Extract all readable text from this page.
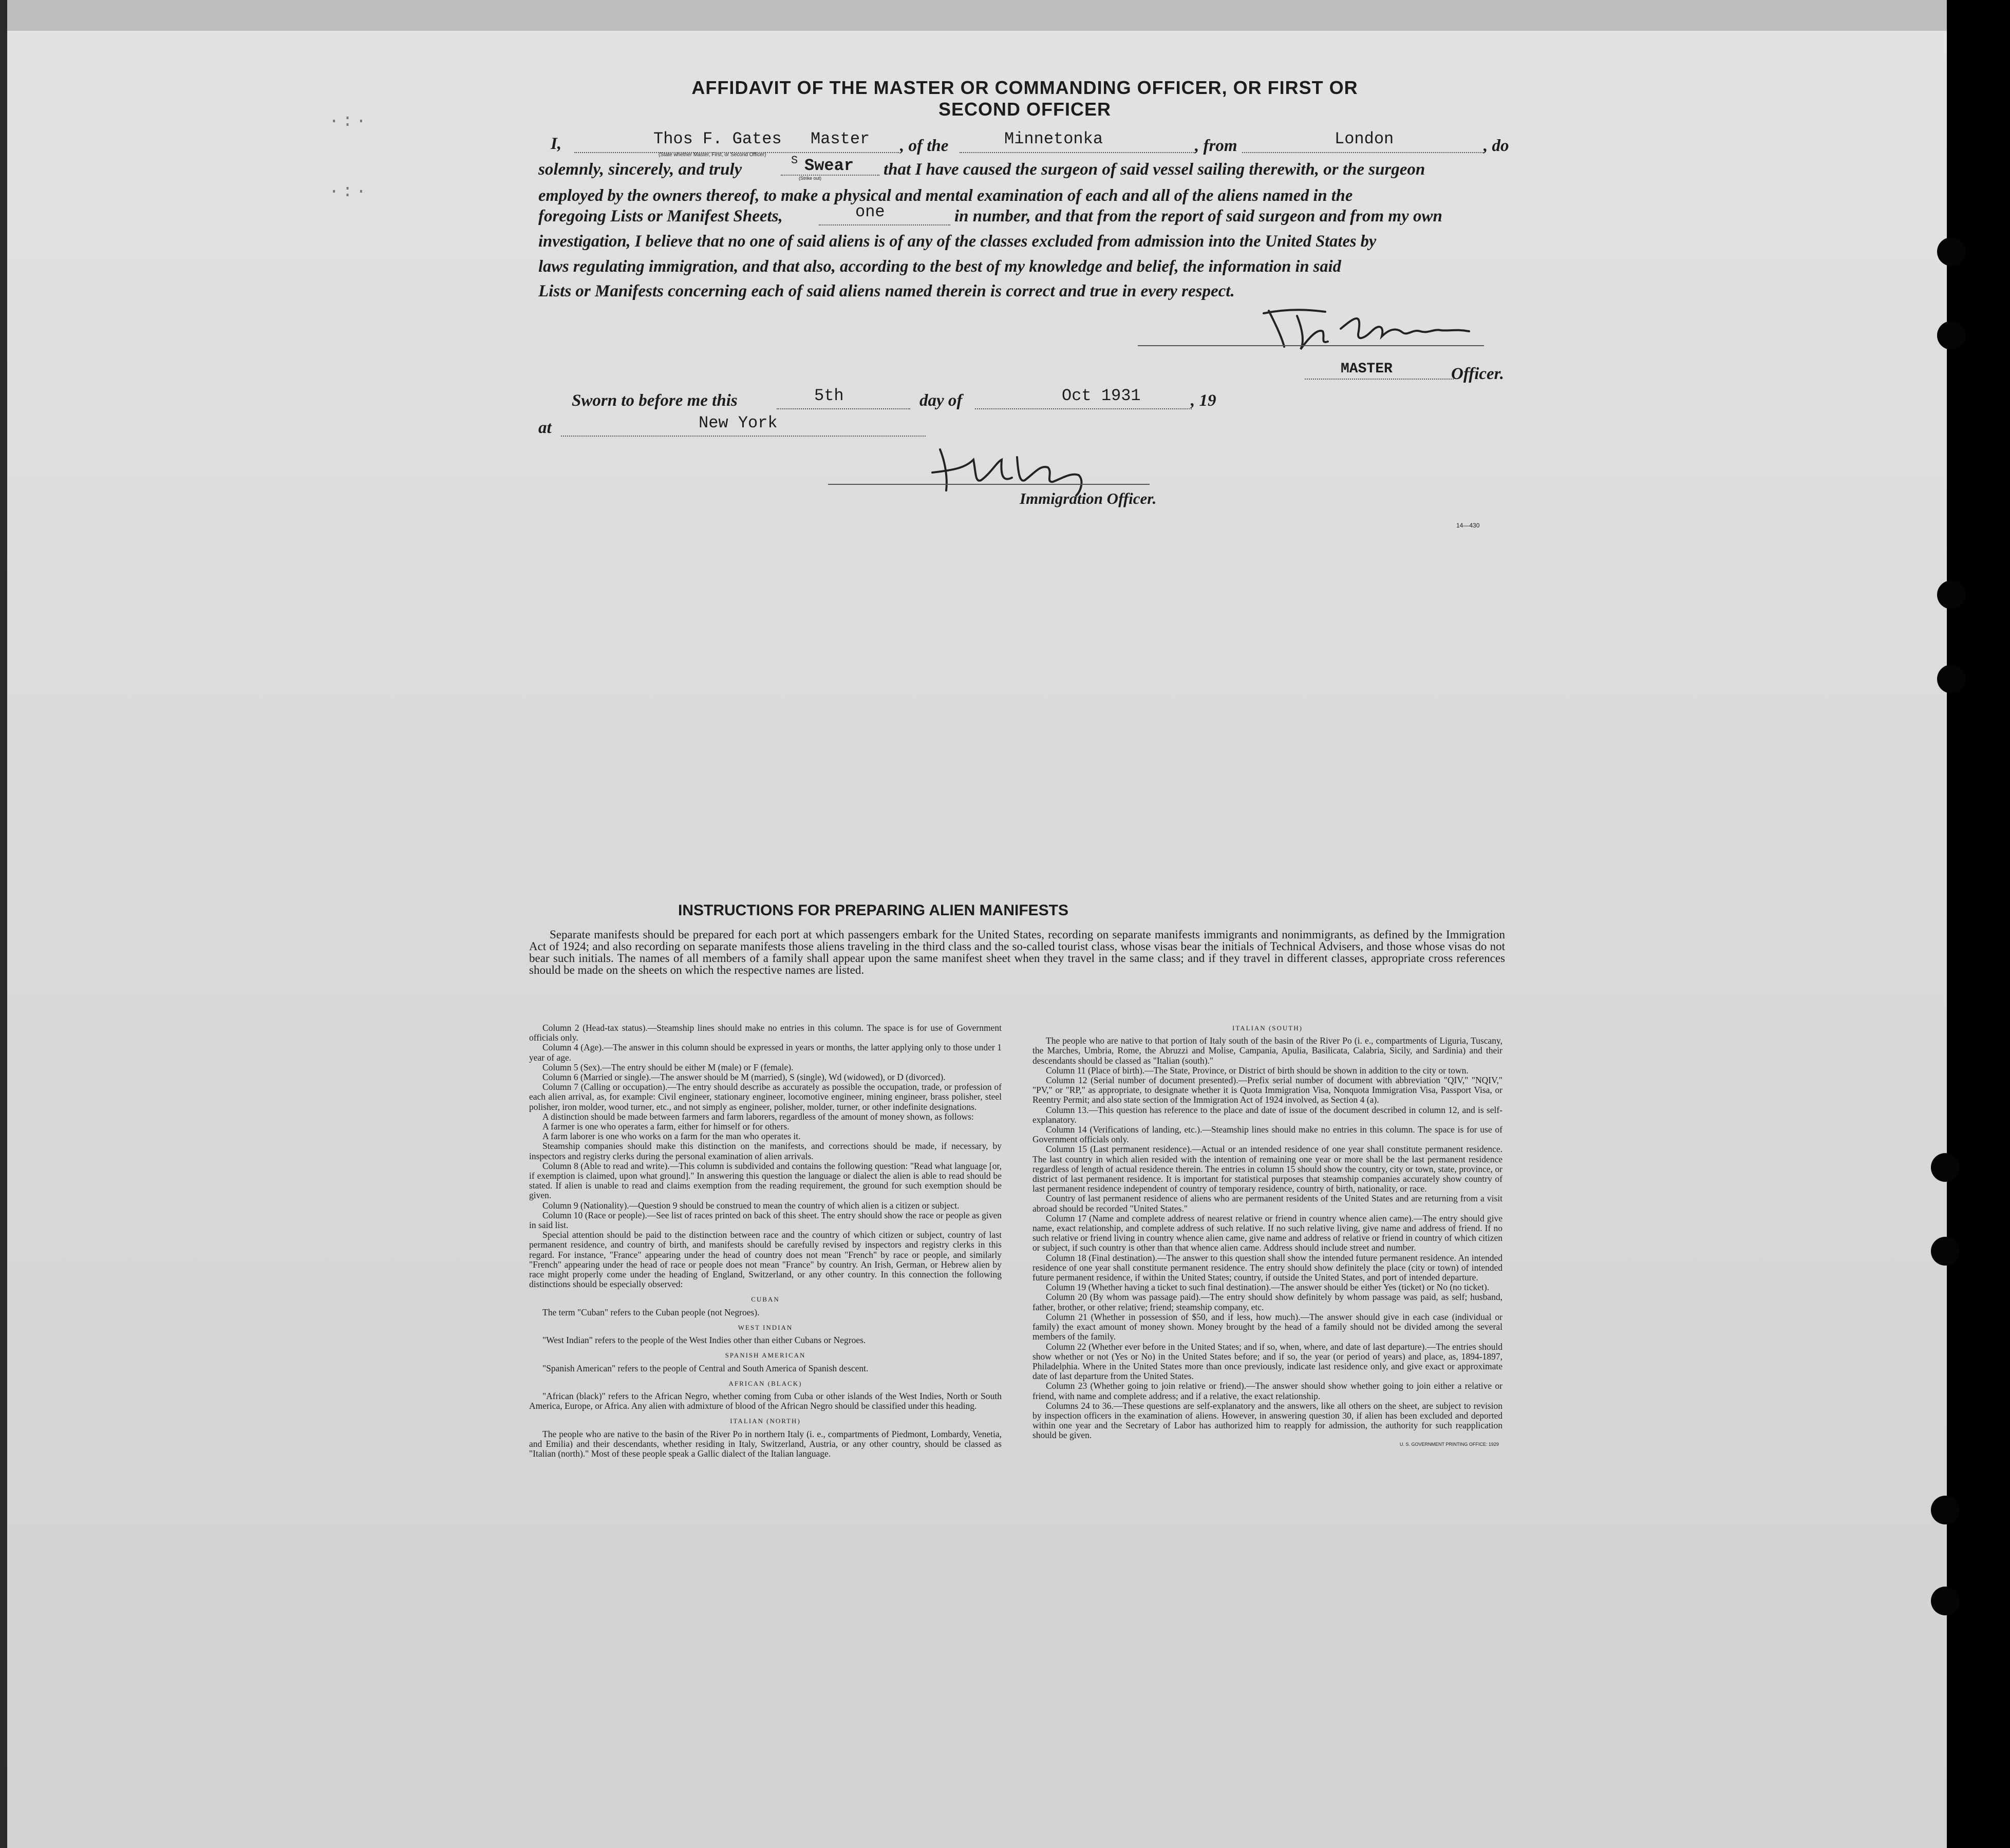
·:·
·:·
AFFIDAVIT OF THE MASTER OR COMMANDING OFFICER, OR FIRST OR SECOND OFFICER
I,	Thos F. Gates Master
(State whether Master, First, or Second Officer)	, of the	Minnetonka	, from	London	, do
solemnly, sincerely, and truly	S Swear
(Strike out)	that I have caused the surgeon of said vessel sailing therewith, or the surgeon
employed by the owners thereof, to make a physical and mental examination of each and all of the aliens named in the
foregoing Lists or Manifest Sheets,	one	in number, and that from the report of said surgeon and from my own
investigation, I believe that no one of said aliens is of any of the classes excluded from admission into the United States by
laws regulating immigration, and that also, according to the best of my knowledge and belief, the information in said
Lists or Manifests concerning each of said aliens named therein is correct and true in every respect.
MASTER	Officer.
Sworn to before me this	5th	day of	Oct 1931	, 19
at	New York
Immigration Officer.
14—430
INSTRUCTIONS FOR PREPARING ALIEN MANIFESTS
Separate manifests should be prepared for each port at which passengers embark for the United States, recording on separate manifests immigrants and nonimmigrants, as defined by the Immigration Act of 1924; and also recording on separate manifests those aliens traveling in the third class and the so-called tourist class, whose visas bear the initials of Technical Advisers, and those whose visas do not bear such initials. The names of all members of a family shall appear upon the same manifest sheet when they travel in the same class; and if they travel in different classes, appropriate cross references should be made on the sheets on which the respective names are listed.

Column 2 (Head-tax status).—Steamship lines should make no entries in this column. The space is for use of Government officials only.

Column 4 (Age).—The answer in this column should be expressed in years or months, the latter applying only to those under 1 year of age.

Column 5 (Sex).—The entry should be either M (male) or F (female).

Column 6 (Married or single).—The answer should be M (married), S (single), Wd (widowed), or D (divorced).

Column 7 (Calling or occupation).—The entry should describe as accurately as possible the occupation, trade, or profession of each alien arrival, as, for example: Civil engineer, stationary engineer, locomotive engineer, mining engineer, brass polisher, steel polisher, iron molder, wood turner, etc., and not simply as engineer, polisher, molder, turner, or other indefinite designations.

A distinction should be made between farmers and farm laborers, regardless of the amount of money shown, as follows:

A farmer is one who operates a farm, either for himself or for others.

A farm laborer is one who works on a farm for the man who operates it.

Steamship companies should make this distinction on the manifests, and corrections should be made, if necessary, by inspectors and registry clerks during the personal examination of alien arrivals.

Column 8 (Able to read and write).—This column is subdivided and contains the following question: "Read what language [or, if exemption is claimed, upon what ground]." In answering this question the language or dialect the alien is able to read should be stated. If alien is unable to read and claims exemption from the reading requirement, the ground for such exemption should be given.

Column 9 (Nationality).—Question 9 should be construed to mean the country of which alien is a citizen or subject.

Column 10 (Race or people).—See list of races printed on back of this sheet. The entry should show the race or people as given in said list.

Special attention should be paid to the distinction between race and the country of which citizen or subject, country of last permanent residence, and country of birth, and manifests should be carefully revised by inspectors and registry clerks in this regard. For instance, "France" appearing under the head of country does not mean "French" by race or people, and similarly "French" appearing under the head of race or people does not mean "France" by country. An Irish, German, or Hebrew alien by race might properly come under the heading of England, Switzerland, or any other country. In this connection the following distinctions should be especially observed:

CUBAN

The term "Cuban" refers to the Cuban people (not Negroes).

WEST INDIAN

"West Indian" refers to the people of the West Indies other than either Cubans or Negroes.

SPANISH AMERICAN

"Spanish American" refers to the people of Central and South America of Spanish descent.

AFRICAN (BLACK)

"African (black)" refers to the African Negro, whether coming from Cuba or other islands of the West Indies, North or South America, Europe, or Africa. Any alien with admixture of blood of the African Negro should be classified under this heading.

ITALIAN (NORTH)

The people who are native to the basin of the River Po in northern Italy (i. e., compartments of Piedmont, Lombardy, Venetia, and Emilia) and their descendants, whether residing in Italy, Switzerland, Austria, or any other country, should be classed as "Italian (north)." Most of these people speak a Gallic dialect of the Italian language.

ITALIAN (SOUTH)

The people who are native to that portion of Italy south of the basin of the River Po (i. e., compartments of Liguria, Tuscany, the Marches, Umbria, Rome, the Abruzzi and Molise, Campania, Apulia, Basilicata, Calabria, Sicily, and Sardinia) and their descendants should be classed as "Italian (south)."

Column 11 (Place of birth).—The State, Province, or District of birth should be shown in addition to the city or town.

Column 12 (Serial number of document presented).—Prefix serial number of document with abbreviation "QIV," "NQIV," "PV," or "RP," as appropriate, to designate whether it is Quota Immigration Visa, Nonquota Immigration Visa, Passport Visa, or Reentry Permit; and also state section of the Immigration Act of 1924 involved, as Section 4 (a).

Column 13.—This question has reference to the place and date of issue of the document described in column 12, and is self-explanatory.

Column 14 (Verifications of landing, etc.).—Steamship lines should make no entries in this column. The space is for use of Government officials only.

Column 15 (Last permanent residence).—Actual or an intended residence of one year shall constitute permanent residence. The last country in which alien resided with the intention of remaining one year or more shall be the last permanent residence regardless of length of actual residence therein. The entries in column 15 should show the country, city or town, state, province, or district of last permanent residence. It is important for statistical purposes that steamship companies accurately show country of last permanent residence independent of country of temporary residence, country of birth, nationality, or race.

Country of last permanent residence of aliens who are permanent residents of the United States and are returning from a visit abroad should be recorded "United States."

Column 17 (Name and complete address of nearest relative or friend in country whence alien came).—The entry should give name, exact relationship, and complete address of such relative. If no such relative living, give name and address of friend. If no such relative or friend living in country whence alien came, give name and address of relative or friend in country of which citizen or subject, if such country is other than that whence alien came. Address should include street and number.

Column 18 (Final destination).—The answer to this question shall show the intended future permanent residence. An intended residence of one year shall constitute permanent residence. The entry should show definitely the place (city or town) of intended future permanent residence, if within the United States; country, if outside the United States, and port of intended departure.

Column 19 (Whether having a ticket to such final destination).—The answer should be either Yes (ticket) or No (no ticket).

Column 20 (By whom was passage paid).—The entry should show definitely by whom passage was paid, as self; husband, father, brother, or other relative; friend; steamship company, etc.

Column 21 (Whether in possession of $50, and if less, how much).—The answer should give in each case (individual or family) the exact amount of money shown. Money brought by the head of a family should not be divided among the several members of the family.

Column 22 (Whether ever before in the United States; and if so, when, where, and date of last departure).—The entries should show whether or not (Yes or No) in the United States before; and if so, the year (or period of years) and place, as, 1894-1897, Philadelphia. Where in the United States more than once previously, indicate last residence only, and give exact or approximate date of last departure from the United States.

Column 23 (Whether going to join relative or friend).—The answer should show whether going to join either a relative or friend, with name and complete address; and if a relative, the exact relationship.

Columns 24 to 36.—These questions are self-explanatory and the answers, like all others on the sheet, are subject to revision by inspection officers in the examination of aliens. However, in answering question 30, if alien has been excluded and deported within one year and the Secretary of Labor has authorized him to reapply for admission, the authority for such reapplication should be given.

U. S. GOVERNMENT PRINTING OFFICE: 1929
